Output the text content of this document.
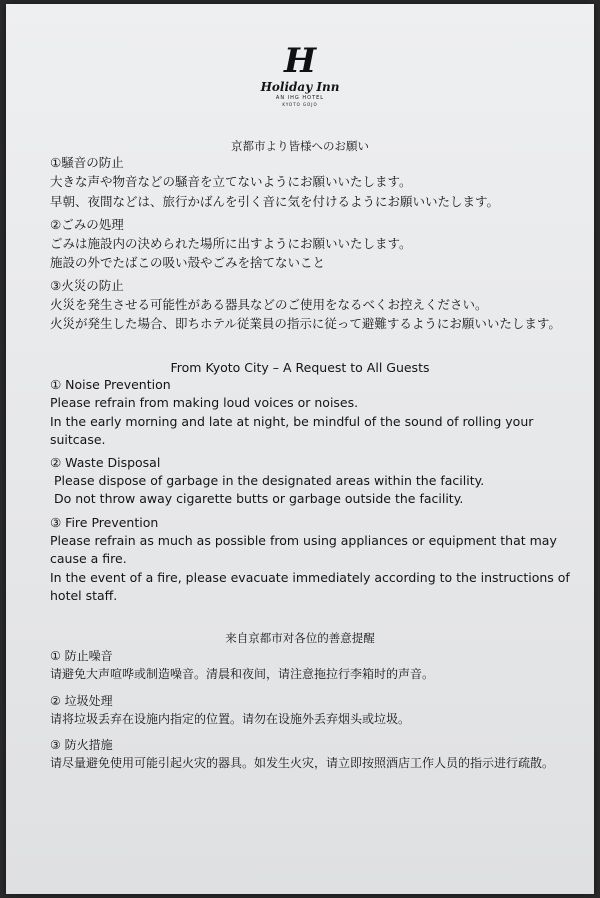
H
Holiday Inn
AN IHG HOTEL
KYOTO GOJO
京都市より皆様へのお願い
①騒音の防止
大きな声や物音などの騒音を立てないようにお願いいたします。
早朝、夜間などは、旅行かばんを引く音に気を付けるようにお願いいたします。
②ごみの処理
ごみは施設内の決められた場所に出すようにお願いいたします。
施設の外でたばこの吸い殻やごみを捨てないこと
③火災の防止
火災を発生させる可能性がある器具などのご使用をなるべくお控えください。
火災が発生した場合、即ちホテル従業員の指示に従って避難するようにお願いいたします。
From Kyoto City – A Request to All Guests
① Noise Prevention
Please refrain from making loud voices or noises.
In the early morning and late at night, be mindful of the sound of rolling your
suitcase.
② Waste Disposal
Please dispose of garbage in the designated areas within the facility.
Do not throw away cigarette butts or garbage outside the facility.
③ Fire Prevention
Please refrain as much as possible from using appliances or equipment that may
cause a fire.
In the event of a fire, please evacuate immediately according to the instructions of
hotel staff.
来自京都市对各位的善意提醒
① 防止噪音
请避免大声喧哗或制造噪音。清晨和夜间，请注意拖拉行李箱时的声音。
② 垃圾处理
请将垃圾丢弃在设施内指定的位置。请勿在设施外丢弃烟头或垃圾。
③ 防火措施
请尽量避免使用可能引起火灾的器具。如发生火灾，请立即按照酒店工作人员的指示进行疏散。
